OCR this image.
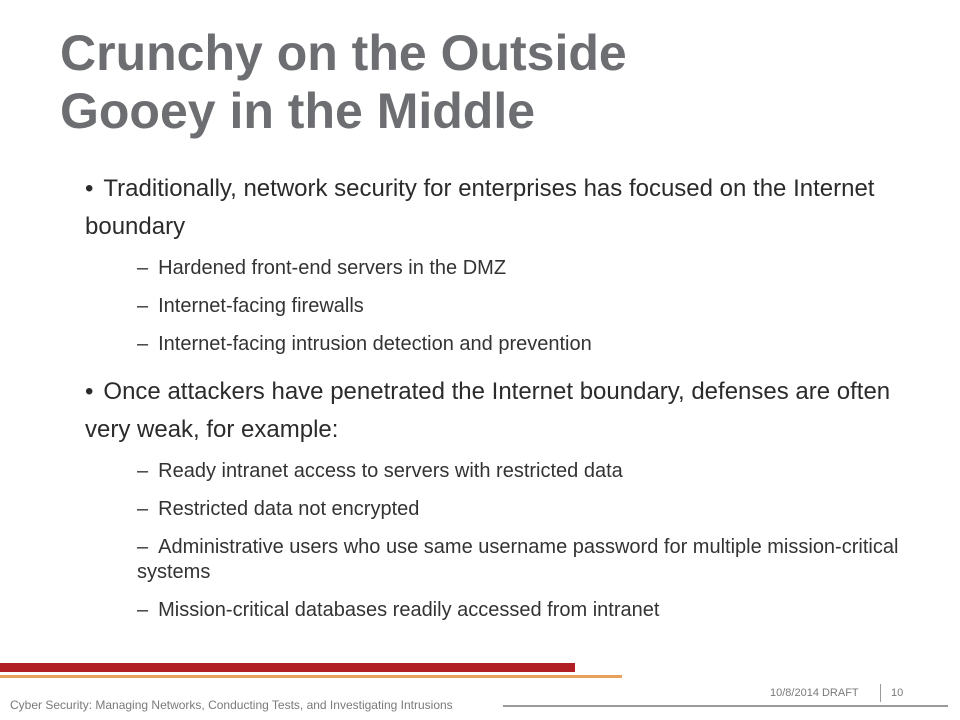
Crunchy on the Outside
Gooey in the Middle

• Traditionally, network security for enterprises has focused on the Internet boundary

– Hardened front-end servers in the DMZ

– Internet-facing firewalls

– Internet-facing intrusion detection and prevention

• Once attackers have penetrated the Internet boundary, defenses are often very weak, for example:

– Ready intranet access to servers with restricted data

– Restricted data not encrypted

– Administrative users who use same username password for multiple mission-critical systems

– Mission-critical databases readily accessed from intranet

10/8/2014 DRAFT	10
Cyber Security: Managing Networks, Conducting Tests, and Investigating Intrusions
